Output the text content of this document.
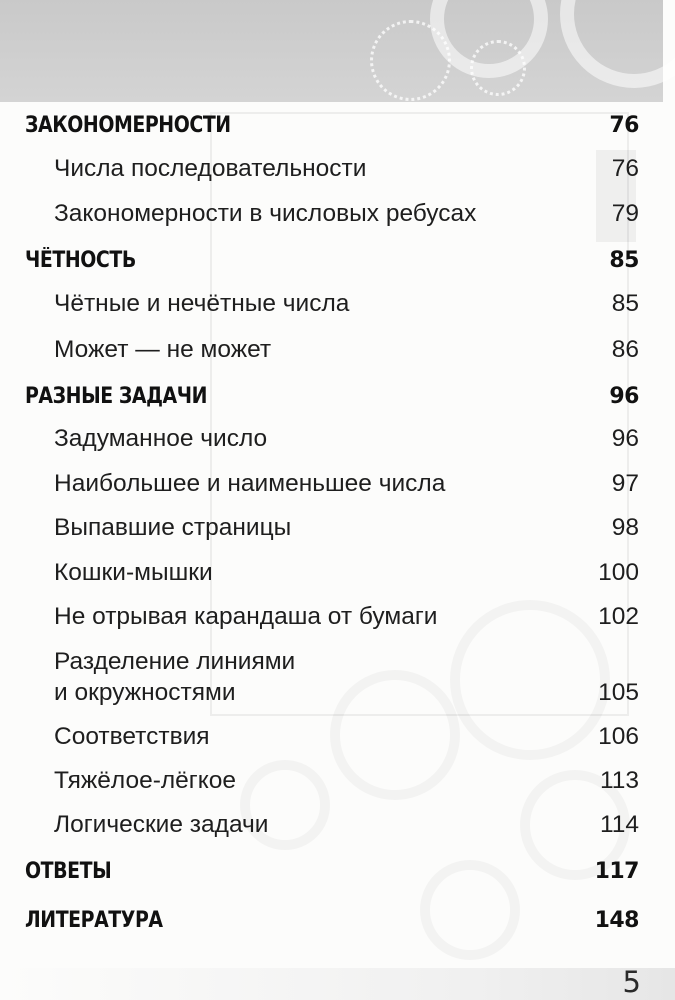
ЗАКОНОМЕРНОСТИ	76
Числа последовательности	76
Закономерности в числовых ребусах	79
ЧЁТНОСТЬ	85
Чётные и нечётные числа	85
Может — не может	86
РАЗНЫЕ ЗАДАЧИ	96
Задуманное число	96
Наибольшее и наименьшее числа	97
Выпавшие страницы	98
Кошки-мышки	100
Не отрывая карандаша от бумаги	102
Разделение линиями
и окружностями	105
Соответствия	106
Тяжёлое-лёгкое	113
Логические задачи	114
ОТВЕТЫ	117
ЛИТЕРАТУРА	148
5
